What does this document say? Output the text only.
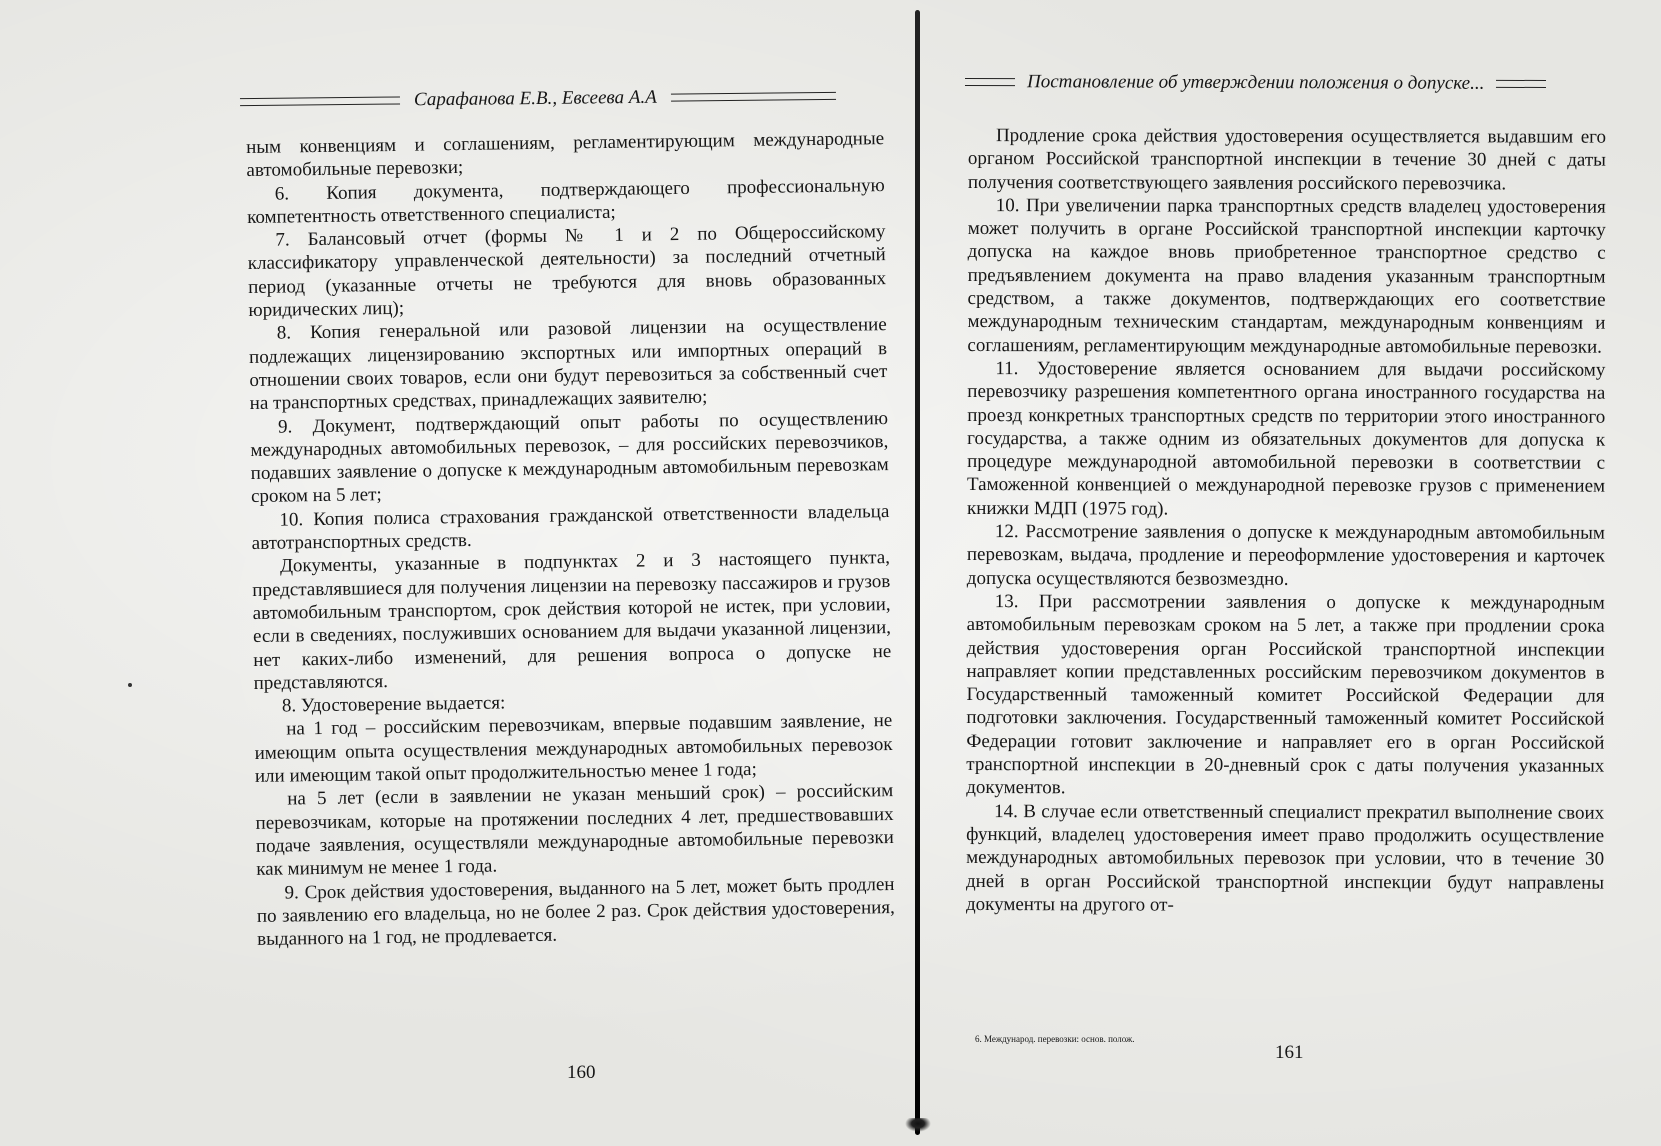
Сарафанова Е.В., Евсеева А.А

ным конвенциям и соглашениям, регламентирующим международные автомобильные перевозки;

6. Копия документа, подтверждающего профессиональную компетентность ответственного специалиста;

7. Балансовый отчет (формы № 1 и 2 по Общероссийскому классификатору управленческой деятельности) за последний отчетный период (указанные отчеты не требуются для вновь образованных юридических лиц);

8. Копия генеральной или разовой лицензии на осуществление подлежащих лицензированию экспортных или импортных операций в отношении своих товаров, если они будут перевозиться за собственный счет на транспортных средствах, принадлежащих заявителю;

9. Документ, подтверждающий опыт работы по осуществлению международных автомобильных перевозок, – для российских перевозчиков, подавших заявление о допуске к международным автомобильным перевозкам сроком на 5 лет;

10. Копия полиса страхования гражданской ответственности владельца автотранспортных средств.

Документы, указанные в подпунктах 2 и 3 настоящего пункта, представлявшиеся для получения лицензии на перевозку пассажиров и грузов автомобильным транспортом, срок действия которой не истек, при условии, если в сведениях, послуживших основанием для выдачи указанной лицензии, нет каких-либо изменений, для решения вопроса о допуске не представляются.

8. Удостоверение выдается:

на 1 год – российским перевозчикам, впервые подавшим заявление, не имеющим опыта осуществления международных автомобильных перевозок или имеющим такой опыт продолжительностью менее 1 года;

на 5 лет (если в заявлении не указан меньший срок) – российским перевозчикам, которые на протяжении последних 4 лет, предшествовавших подаче заявления, осуществляли международные автомобильные перевозки как минимум не менее 1 года.

9. Срок действия удостоверения, выданного на 5 лет, может быть продлен по заявлению его владельца, но не более 2 раз. Срок действия удостоверения, выданного на 1 год, не продлевается.

160
Постановление об утверждении положения о допуске...

Продление срока действия удостоверения осуществляется выдавшим его органом Российской транспортной инспекции в течение 30 дней с даты получения соответствующего заявления российского перевозчика.

10. При увеличении парка транспортных средств владелец удостоверения может получить в органе Российской транспортной инспекции карточку допуска на каждое вновь приобретенное транспортное средство с предъявлением документа на право владения указанным транспортным средством, а также документов, подтверждающих его соответствие международным техническим стандартам, международным конвенциям и соглашениям, регламентирующим международные автомобильные перевозки.

11. Удостоверение является основанием для выдачи российскому перевозчику разрешения компетентного органа иностранного государства на проезд конкретных транспортных средств по территории этого иностранного государства, а также одним из обязательных документов для допуска к процедуре международной автомобильной перевозки в соответствии с Таможенной конвенцией о международной перевозке грузов с применением книжки МДП (1975 год).

12. Рассмотрение заявления о допуске к международным автомобильным перевозкам, выдача, продление и переоформление удостоверения и карточек допуска осуществляются безвозмездно.

13. При рассмотрении заявления о допуске к международным автомобильным перевозкам сроком на 5 лет, а также при продлении срока действия удостоверения орган Российской транспортной инспекции направляет копии представленных российским перевозчиком документов в Государственный таможенный комитет Российской Федерации для подготовки заключения. Государственный таможенный комитет Российской Федерации готовит заключение и направляет его в орган Российской транспортной инспекции в 20-дневный срок с даты получения указанных документов.

14. В случае если ответственный специалист прекратил выполнение своих функций, владелец удостоверения имеет право продолжить осуществление международных автомобильных перевозок при условии, что в течение 30 дней в орган Российской транспортной инспекции будут направлены документы на другого от-

6. Международ. перевозки: основ. полож.
161
